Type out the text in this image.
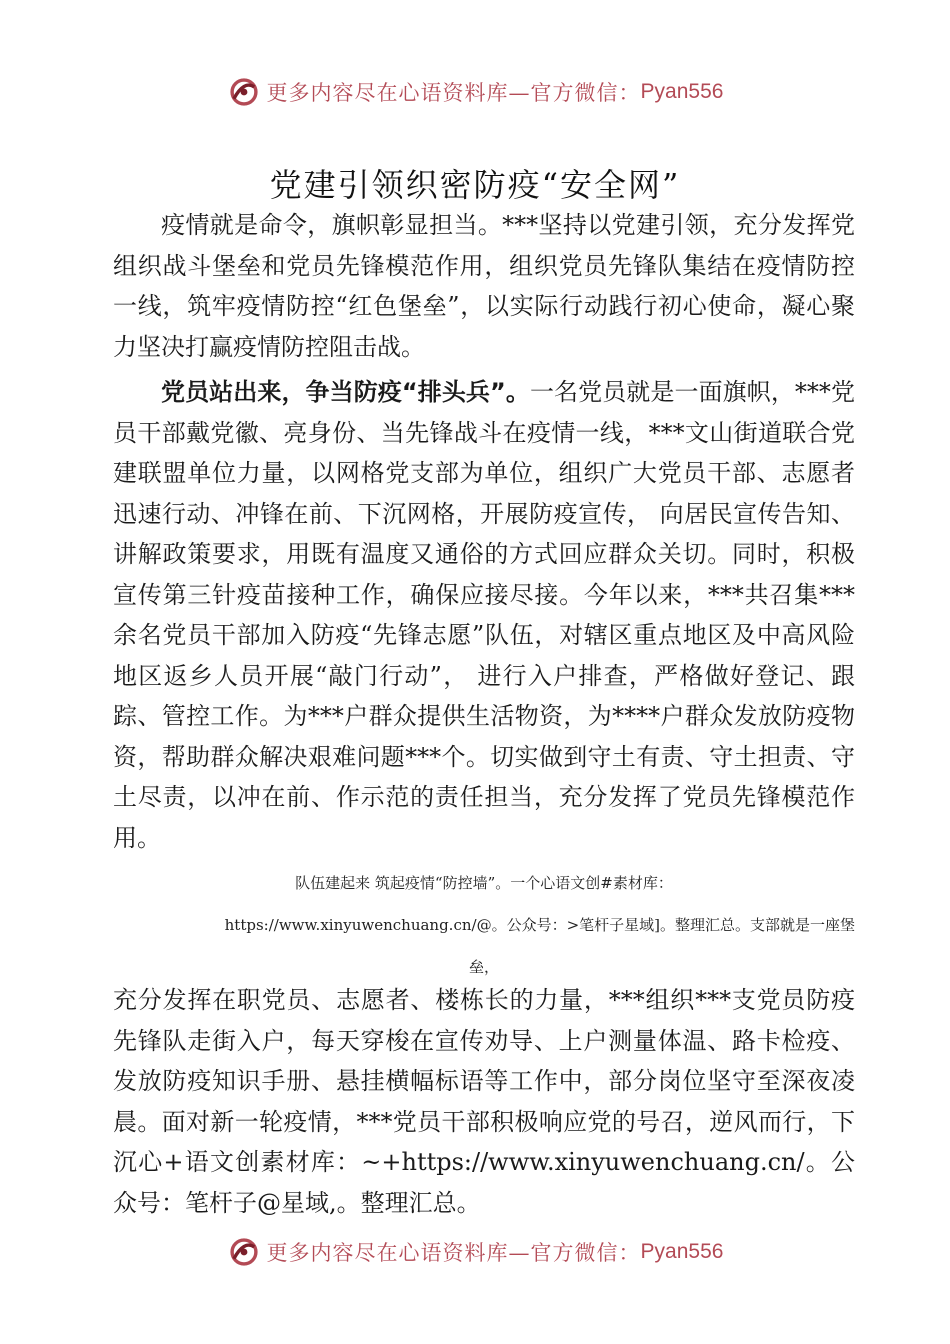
更多内容尽在心语资料库—官方微信： Pyan556
党建引领织密防疫“安全网”

疫情就是命令，旗帜彰显担当。***坚持以党建引领，充分发挥党组织战斗堡垒和党员先锋模范作用，组织党员先锋队集结在疫情防控一线，筑牢疫情防控“红色堡垒”，以实际行动践行初心使命，凝心聚力坚决打赢疫情防控阻击战。

党员站出来，争当防疫“排头兵”。一名党员就是一面旗帜，***党员干部戴党徽、亮身份、当先锋战斗在疫情一线，***文山街道联合党建联盟单位力量，以网格党支部为单位，组织广大党员干部、志愿者迅速行动、冲锋在前、下沉网格，开展防疫宣传， 向居民宣传告知、讲解政策要求，用既有温度又通俗的方式回应群众关切。同时，积极宣传第三针疫苗接种工作，确保应接尽接。今年以来，***共召集***余名党员干部加入防疫“先锋志愿”队伍，对辖区重点地区及中高风险地区返乡人员开展“敲门行动”， 进行入户排查，严格做好登记、跟踪、管控工作。为***户群众提供生活物资，为****户群众发放防疫物资，帮助群众解决艰难问题***个。切实做到守土有责、守土担责、守土尽责，以冲在前、作示范的责任担当，充分发挥了党员先锋模范作用。

队伍建起来 筑起疫情“防控墙”。一个心语文创#素材库：
https://www.xinyuwenchuang.cn/@。公众号：>笔杆子星域]。整理汇总。支部就是一座堡
垒，

充分发挥在职党员、志愿者、楼栋长的力量，***组织***支党员防疫先锋队走街入户，每天穿梭在宣传劝导、上户测量体温、路卡检疫、发放防疫知识手册、悬挂横幅标语等工作中，部分岗位坚守至深夜凌晨。面对新一轮疫情，***党员干部积极响应党的号召，逆风而行，下沉心+语文创素材库：~+https://www.xinyuwenchuang.cn/。公众号：笔杆子@星域,。整理汇总。

更多内容尽在心语资料库—官方微信： Pyan556
